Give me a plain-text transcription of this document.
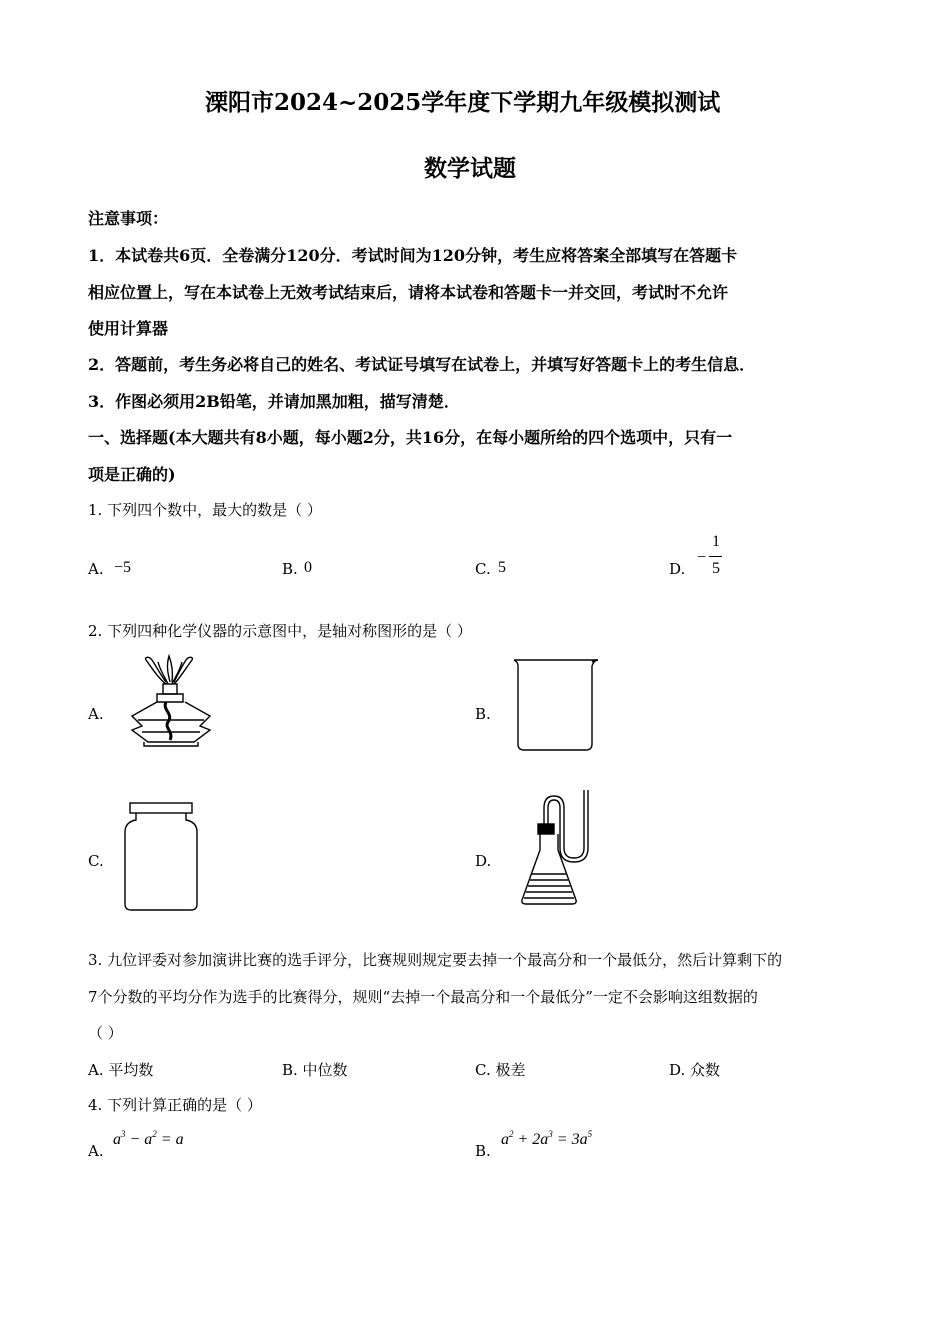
溧阳市2024~2025学年度下学期九年级模拟测试
数学试题
注意事项：
1．本试卷共6页．全卷满分120分．考试时间为120分钟，考生应将答案全部填写在答题卡
相应位置上，写在本试卷上无效考试结束后，请将本试卷和答题卡一并交回，考试时不允许
使用计算器
2．答题前，考生务必将自己的姓名、考试证号填写在试卷上，并填写好答题卡上的考生信息．
3．作图必须用2B铅笔，并请加黑加粗，描写清楚．
一、选择题(本大题共有8小题，每小题2分，共16分，在每小题所给的四个选项中，只有一
项是正确的)
1. 下列四个数中，最大的数是（ ）
A. −5	B. 0	C. 5	D.
−
1
5
2. 下列四种化学仪器的示意图中，是轴对称图形的是（ ）
A.	B.
C.	D.
3. 九位评委对参加演讲比赛的选手评分，比赛规则规定要去掉一个最高分和一个最低分，然后计算剩下的
7个分数的平均分作为选手的比赛得分，规则“去掉一个最高分和一个最低分”一定不会影响这组数据的
（ ）
A. 平均数	B. 中位数	C. 极差	D. 众数
4. 下列计算正确的是（ ）
A.
$a^3 - a^2 = a$
B.
$a^2 + 2a^3 = 3a^5$
